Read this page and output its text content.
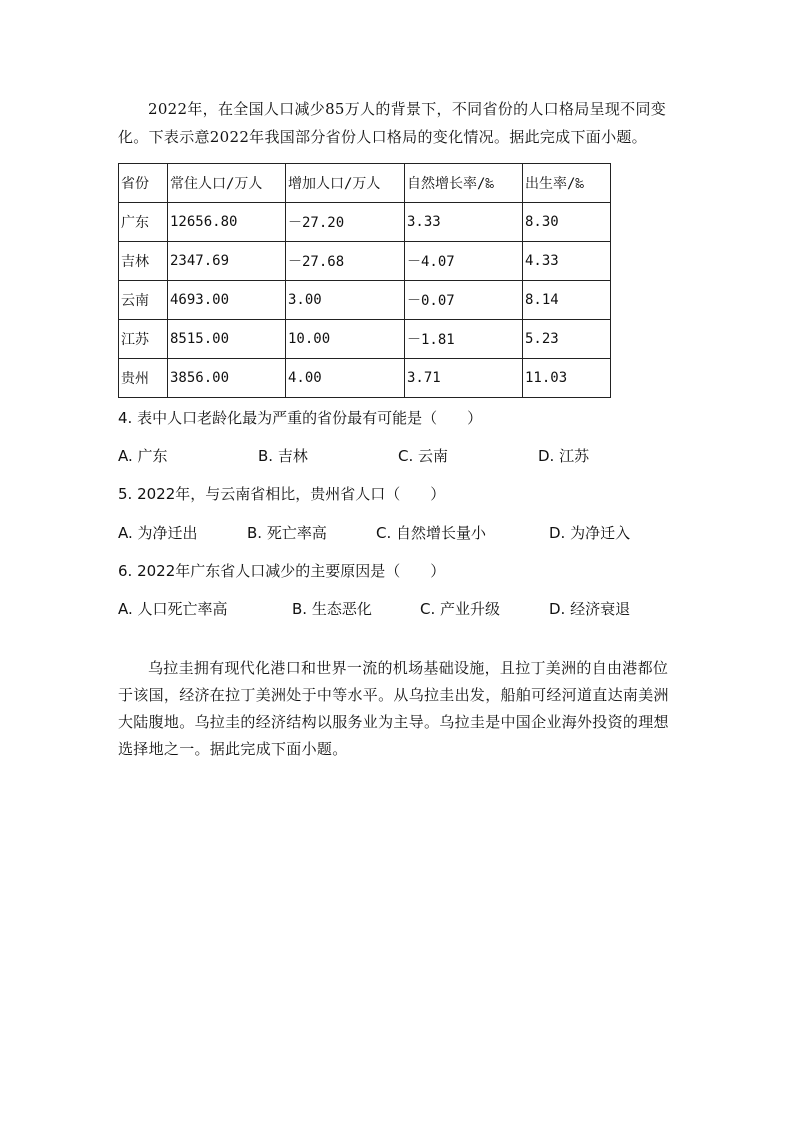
2022年，在全国人口减少85万人的背景下，不同省份的人口格局呈现不同变化。下表示意2022年我国部分省份人口格局的变化情况。据此完成下面小题。

省份	常住人口/万人	增加人口/万人	自然增长率/‰	出生率/‰
广东	12656.80	－27.20	3.33	8.30
吉林	2347.69	－27.68	－4.07	4.33
云南	4693.00	3.00	－0.07	8.14
江苏	8515.00	10.00	－1.81	5.23
贵州	3856.00	4.00	3.71	11.03

4. 表中人口老龄化最为严重的省份最有可能是（　　）

A. 广东	B. 吉林	C. 云南	D. 江苏

5. 2022年，与云南省相比，贵州省人口（　　）

A. 为净迁出	B. 死亡率高	C. 自然增长量小	D. 为净迁入

6. 2022年广东省人口减少的主要原因是（　　）

A. 人口死亡率高	B. 生态恶化	C. 产业升级	D. 经济衰退

乌拉圭拥有现代化港口和世界一流的机场基础设施，且拉丁美洲的自由港都位于该国，经济在拉丁美洲处于中等水平。从乌拉圭出发，船舶可经河道直达南美洲大陆腹地。乌拉圭的经济结构以服务业为主导。乌拉圭是中国企业海外投资的理想选择地之一。据此完成下面小题。
